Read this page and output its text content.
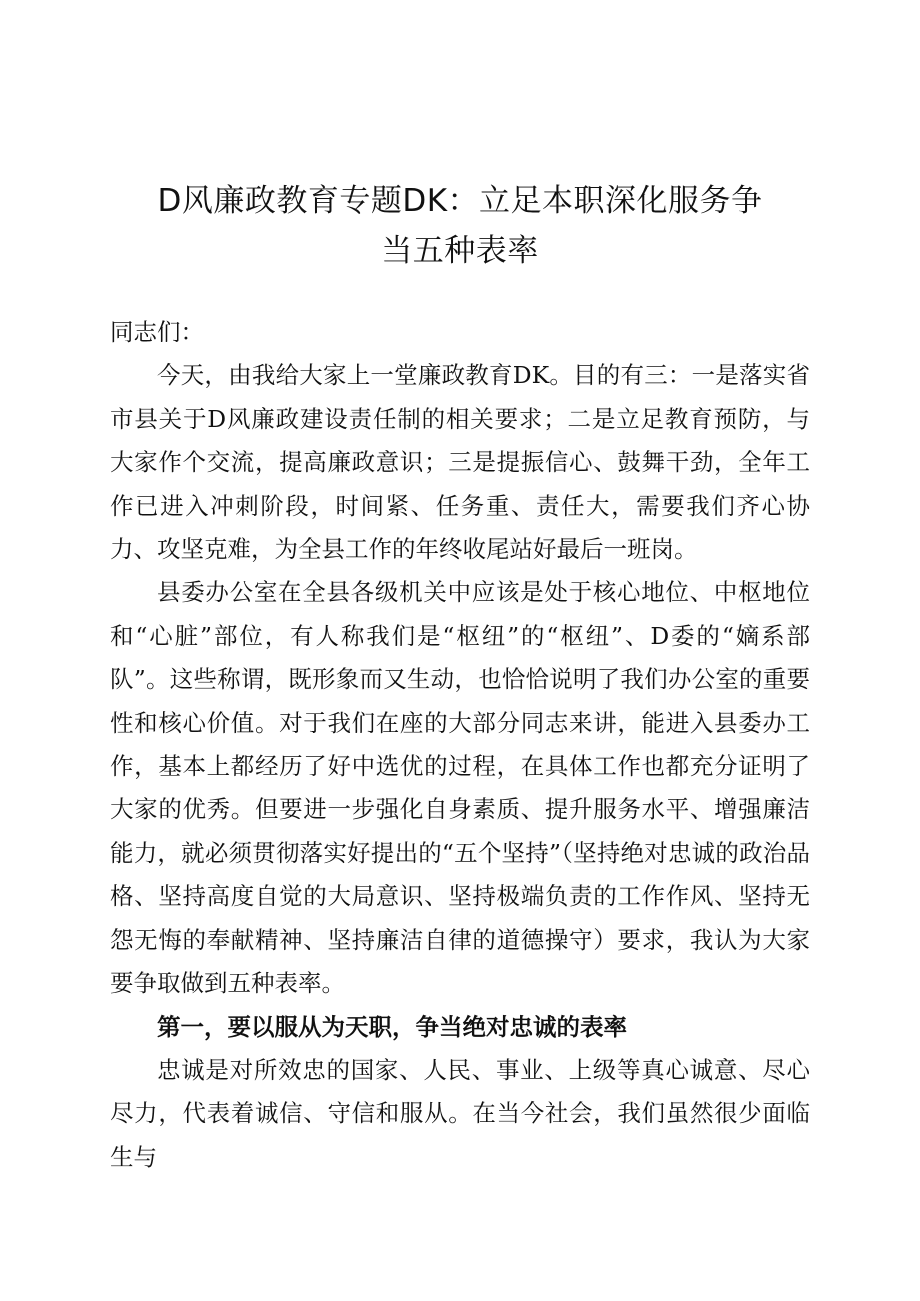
D风廉政教育专题DK：立足本职深化服务争
当五种表率

同志们：

今天，由我给大家上一堂廉政教育DK。目的有三：一是落实省市县关于D风廉政建设责任制的相关要求；二是立足教育预防，与大家作个交流，提高廉政意识；三是提振信心、鼓舞干劲，全年工作已进入冲刺阶段，时间紧、任务重、责任大，需要我们齐心协力、攻坚克难，为全县工作的年终收尾站好最后一班岗。

县委办公室在全县各级机关中应该是处于核心地位、中枢地位和“心脏”部位，有人称我们是“枢纽”的“枢纽”、D委的“嫡系部队”。这些称谓，既形象而又生动，也恰恰说明了我们办公室的重要性和核心价值。对于我们在座的大部分同志来讲，能进入县委办工作，基本上都经历了好中选优的过程，在具体工作也都充分证明了大家的优秀。但要进一步强化自身素质、提升服务水平、增强廉洁能力，就必须贯彻落实好提出的“五个坚持”（坚持绝对忠诚的政治品格、坚持高度自觉的大局意识、坚持极端负责的工作作风、坚持无怨无悔的奉献精神、坚持廉洁自律的道德操守）要求，我认为大家要争取做到五种表率。

第一，要以服从为天职，争当绝对忠诚的表率

忠诚是对所效忠的国家、人民、事业、上级等真心诚意、尽心尽力，代表着诚信、守信和服从。在当今社会，我们虽然很少面临生与
